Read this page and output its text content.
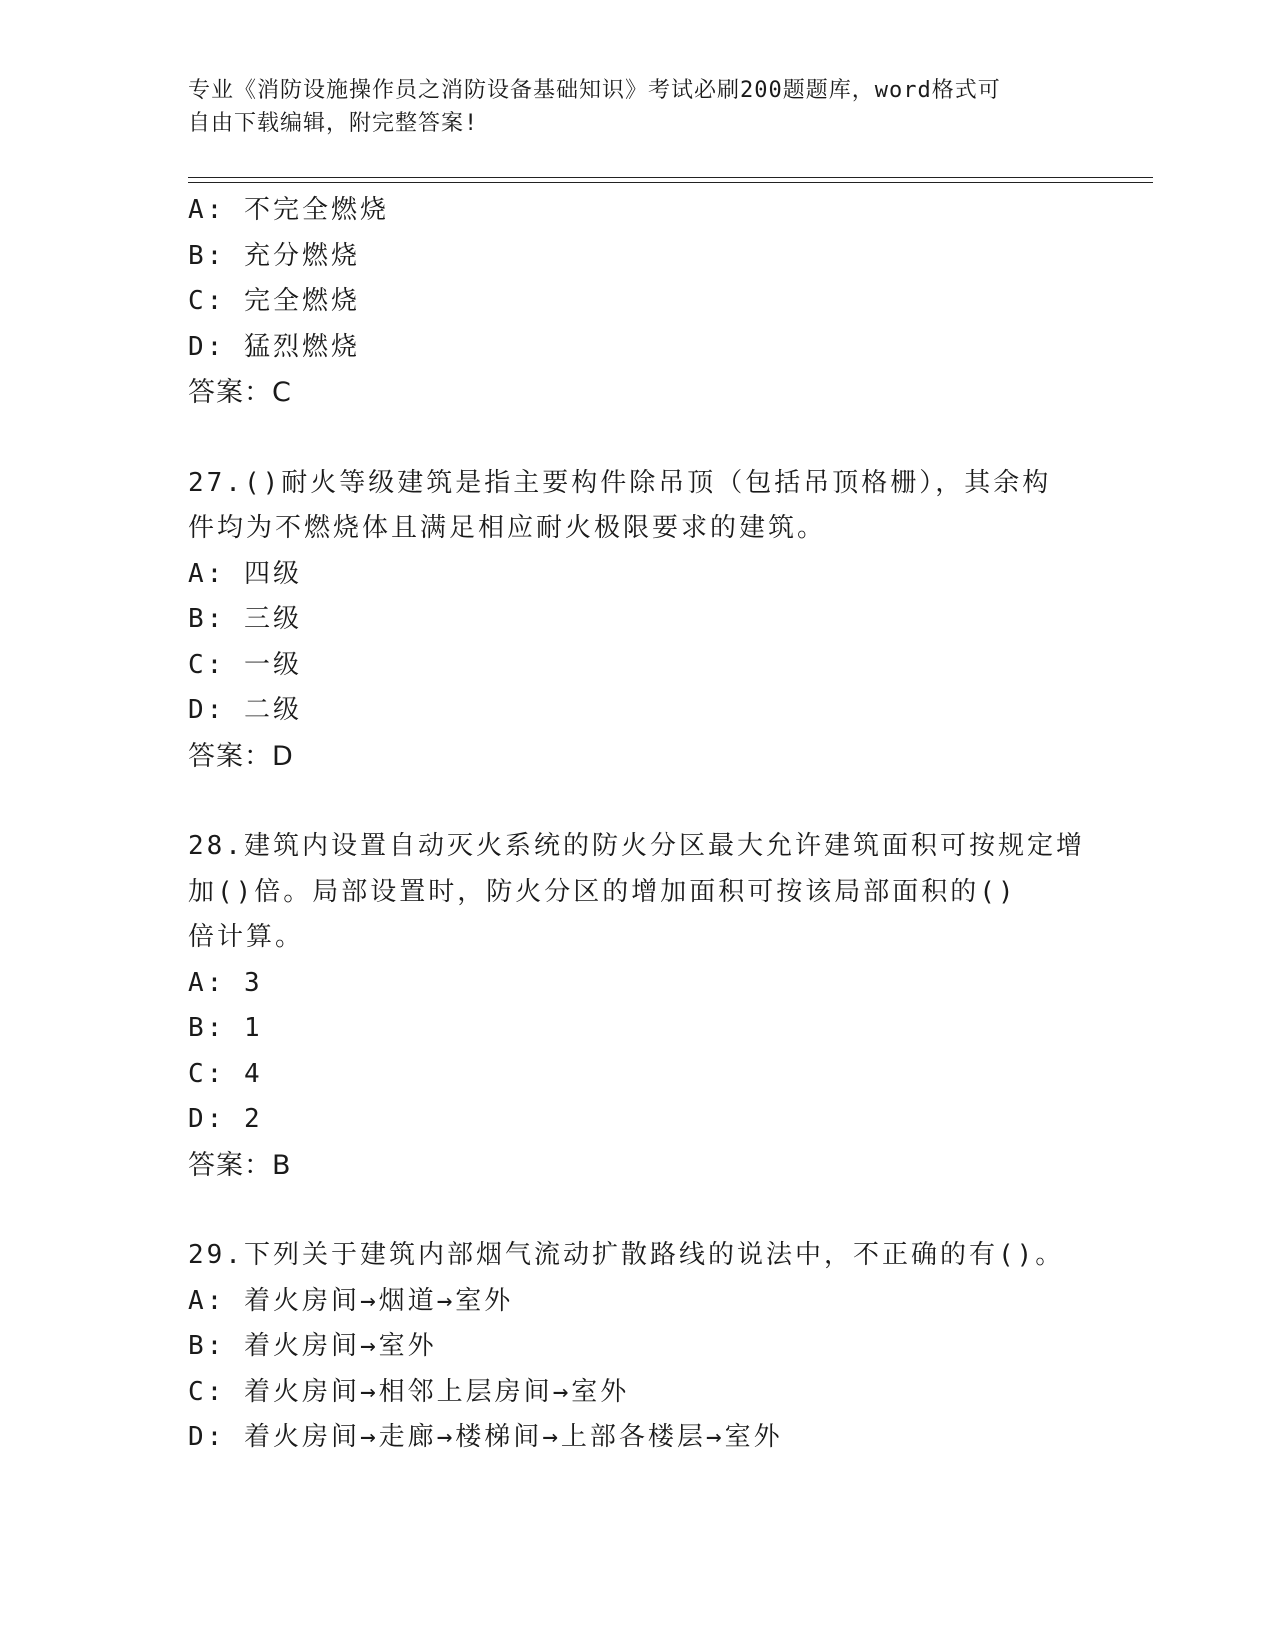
专业《消防设施操作员之消防设备基础知识》考试必刷200题题库，word格式可
自由下载编辑，附完整答案!
A: 不完全燃烧
B: 充分燃烧
C: 完全燃烧
D: 猛烈燃烧
答案：C
27.()耐火等级建筑是指主要构件除吊顶（包括吊顶格栅），其余构
件均为不燃烧体且满足相应耐火极限要求的建筑。
A: 四级
B: 三级
C: 一级
D: 二级
答案：D
28.建筑内设置自动灭火系统的防火分区最大允许建筑面积可按规定增
加()倍。局部设置时，防火分区的增加面积可按该局部面积的()
倍计算。
A: 3
B: 1
C: 4
D: 2
答案：B
29.下列关于建筑内部烟气流动扩散路线的说法中，不正确的有()。
A: 着火房间→烟道→室外
B: 着火房间→室外
C: 着火房间→相邻上层房间→室外
D: 着火房间→走廊→楼梯间→上部各楼层→室外
